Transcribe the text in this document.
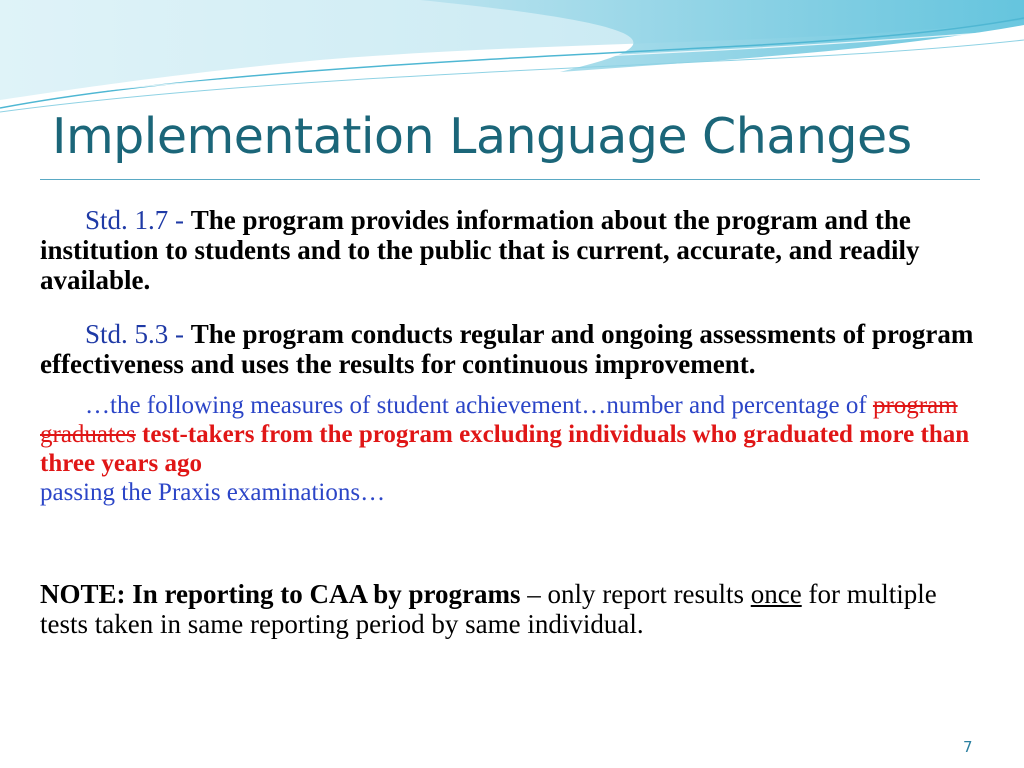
Implementation Language Changes

Std. 1.7 - The program provides information about the program and the institution to students and to the public that is current, accurate, and readily available.

Std. 5.3 - The program conducts regular and ongoing assessments of program effectiveness and uses the results for continuous improvement.

…the following measures of student achievement…number and percentage of program graduates test-takers from the program excluding individuals who graduated more than three years ago
passing the Praxis examinations…

NOTE: In reporting to CAA by programs – only report results once for multiple tests taken in same reporting period by same individual.

7
